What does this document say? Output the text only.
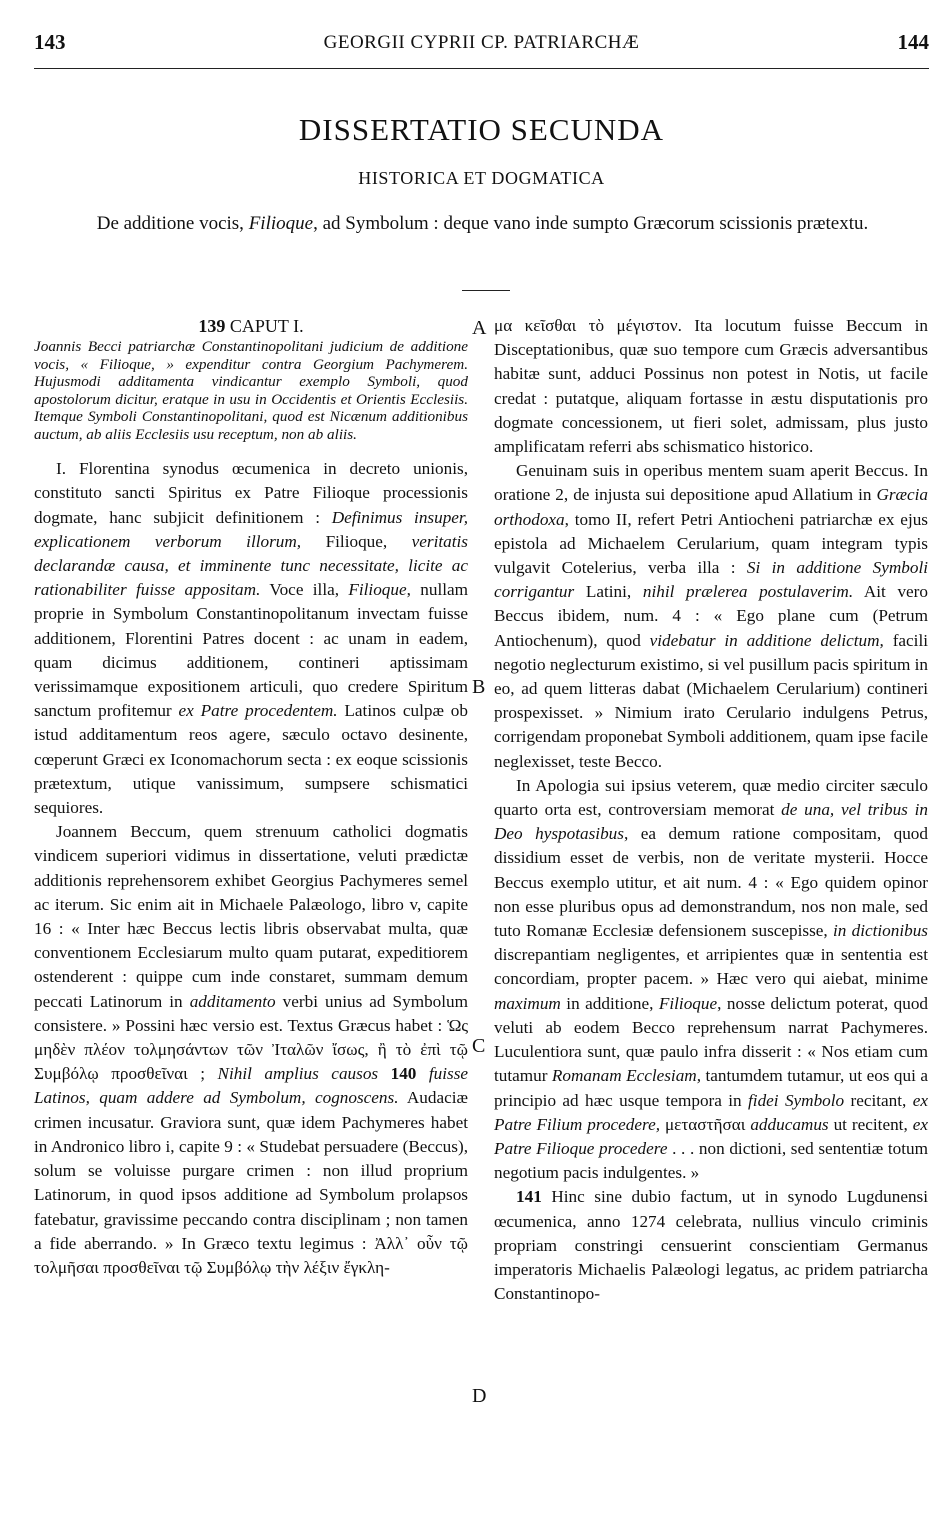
143	GEORGII CYPRII CP. PATRIARCHÆ	144
DISSERTATIO SECUNDA
HISTORICA ET DOGMATICA
De additione vocis, Filioque, ad Symbolum : deque vano inde sumpto Græcorum scissionis prætextu.
A
B
C
D

139 CAPUT I.

Joannis Becci patriarchæ Constantinopolitani judicium de additione vocis, « Filioque, » expenditur contra Georgium Pachymerem. Hujusmodi additamenta vindicantur exemplo Symboli, quod apostolorum dicitur, eratque in usu in Occidentis et Orientis Ecclesiis. Itemque Symboli Constantinopolitani, quod est Nicænum additionibus auctum, ab aliis Ecclesiis usu receptum, non ab aliis.

I. Florentina synodus œcumenica in decreto unionis, constituto sancti Spiritus ex Patre Filioque processionis dogmate, hanc subjicit definitionem : Definimus insuper, explicationem verborum illorum, Filioque, veritatis declarandæ causa, et imminente tunc necessitate, licite ac rationabiliter fuisse appositam. Voce illa, Filioque, nullam proprie in Symbolum Constantinopolitanum invectam fuisse additionem, Florentini Patres docent : ac unam in eadem, quam dicimus additionem, contineri aptissimam verissimamque expositionem articuli, quo credere Spiritum sanctum profitemur ex Patre procedentem. Latinos culpæ ob istud additamentum reos agere, sæculo octavo desinente, cœperunt Græci ex Iconomachorum secta : ex eoque scissionis prætextum, utique vanissimum, sumpsere schismatici sequiores.

Joannem Beccum, quem strenuum catholici dogmatis vindicem superiori vidimus in dissertatione, veluti prædictæ additionis reprehensorem exhibet Georgius Pachymeres semel ac iterum. Sic enim ait in Michaele Palæologo, libro v, capite 16 : « Inter hæc Beccus lectis libris observabat multa, quæ conventionem Ecclesiarum multo quam putarat, expeditiorem ostenderent : quippe cum inde constaret, summam demum peccati Latinorum in additamento verbi unius ad Symbolum consistere. » Possini hæc versio est. Textus Græcus habet : Ὡς μηδὲν πλέον τολμησάντων τῶν Ἰταλῶν ἴσως, ἢ τὸ ἐπὶ τῷ Συμβόλῳ προσθεῖναι ; Nihil amplius causos 140 fuisse Latinos, quam addere ad Symbolum, cognoscens. Audaciæ crimen incusatur. Graviora sunt, quæ idem Pachymeres habet in Andronico libro i, capite 9 : « Studebat persuadere (Beccus), solum se voluisse purgare crimen : non illud proprium Latinorum, in quod ipsos additione ad Symbolum prolapsos fatebatur, gravissime peccando contra disciplinam ; non tamen a fide aberrando. » In Græco textu legimus : Ἀλλ᾽ οὖν τῷ τολμῆσαι προσθεῖναι τῷ Συμβόλῳ τὴν λέξιν ἔγκλη-

μα κεῖσθαι τὸ μέγιστον. Ita locutum fuisse Beccum in Disceptationibus, quæ suo tempore cum Græcis adversantibus habitæ sunt, adduci Possinus non potest in Notis, ut facile credat : putatque, aliquam fortasse in æstu disputationis pro dogmate concessionem, ut fieri solet, admissam, plus justo amplificatam referri abs schismatico historico.

Genuinam suis in operibus mentem suam aperit Beccus. In oratione 2, de injusta sui depositione apud Allatium in Græcia orthodoxa, tomo II, refert Petri Antiocheni patriarchæ ex ejus epistola ad Michaelem Cerularium, quam integram typis vulgavit Cotelerius, verba illa : Si in additione Symboli corrigantur Latini, nihil prælerea postulaverim. Ait vero Beccus ibidem, num. 4 : « Ego plane cum (Petrum Antiochenum), quod videbatur in additione delictum, facili negotio neglecturum existimo, si vel pusillum pacis spiritum in eo, ad quem litteras dabat (Michaelem Cerularium) contineri prospexisset. » Nimium irato Cerulario indulgens Petrus, corrigendam proponebat Symboli additionem, quam ipse facile neglexisset, teste Becco.

In Apologia sui ipsius veterem, quæ medio circiter sæculo quarto orta est, controversiam memorat de una, vel tribus in Deo hyspotasibus, ea demum ratione compositam, quod dissidium esset de verbis, non de veritate mysterii. Hocce Beccus exemplo utitur, et ait num. 4 : « Ego quidem opinor non esse pluribus opus ad demonstrandum, nos non male, sed tuto Romanæ Ecclesiæ defensionem suscepisse, in dictionibus discrepantiam negligentes, et arripientes quæ in sententia est concordiam, propter pacem. » Hæc vero qui aiebat, minime maximum in additione, Filioque, nosse delictum poterat, quod veluti ab eodem Becco reprehensum narrat Pachymeres. Luculentiora sunt, quæ paulo infra disserit : « Nos etiam cum tutamur Romanam Ecclesiam, tantumdem tutamur, ut eos qui a principio ad hæc usque tempora in fidei Symbolo recitant, ex Patre Filium procedere, μεταστῆσαι adducamus ut recitent, ex Patre Filioque procedere . . . non dictioni, sed sententiæ totum negotium pacis indulgentes. »

141 Hinc sine dubio factum, ut in synodo Lugdunensi œcumenica, anno 1274 celebrata, nullius vinculo criminis propriam constringi censuerint conscientiam Germanus imperatoris Michaelis Palæologi legatus, ac pridem patriarcha Constantinopo-
